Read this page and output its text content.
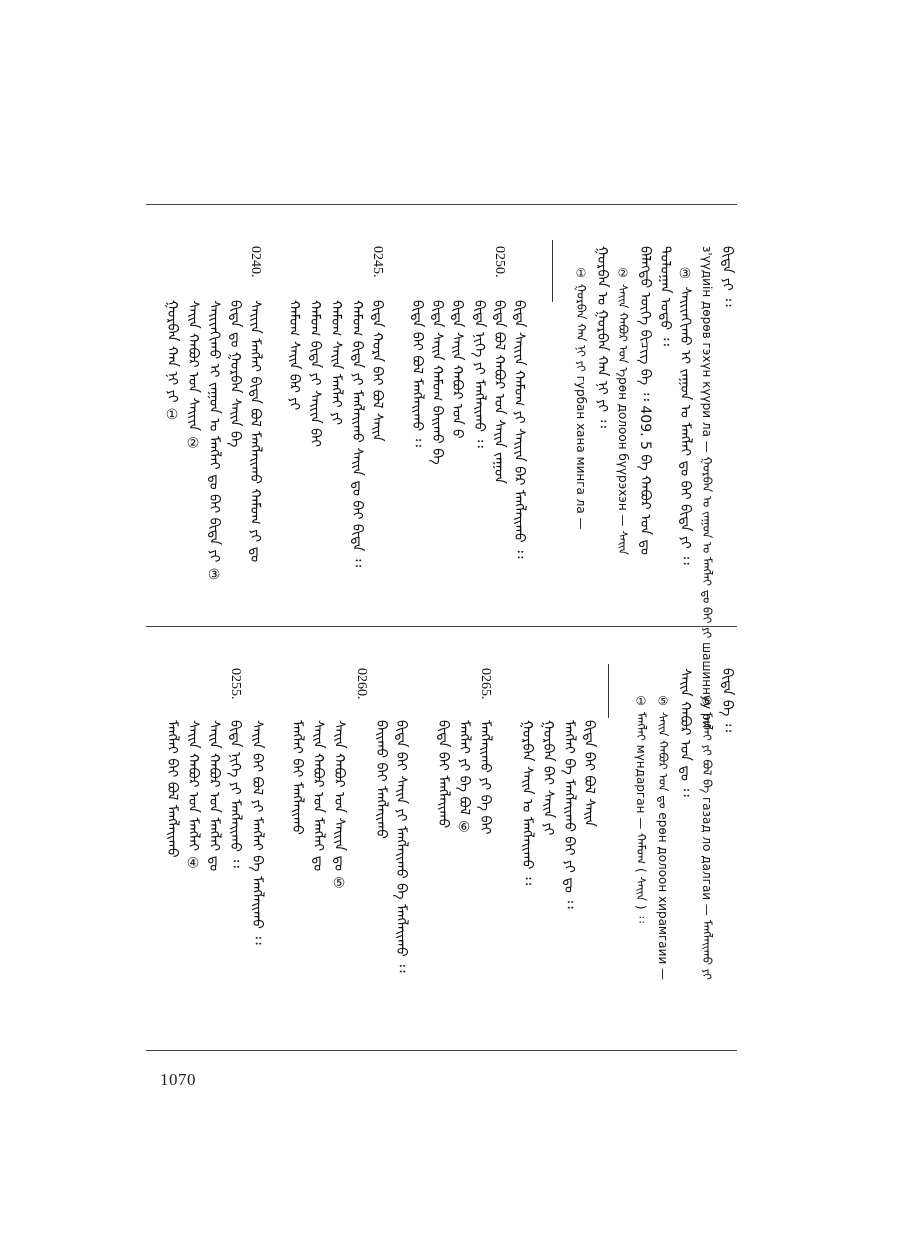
ᠪᠢᠳᠡ ᠶᠢ ᠄᠄
з'үүдиiн дөрөв гэхүн күүри ла — ᠭᠤᠷᠪᠠᠨ ᠤ ᠵᠠᠭᠤᠨ ᠤ ᠮᠠᠩᠯᠠᠢ ᠳᠤ ᠪᠠᠢ ᠶᠢ шашиннуу ри
③ ᠰᠠᠢᠢᠨᠬᠢᠬᠤ ᠢ ᠵᠠᠭᠤᠨ ᠤ ᠮᠠᠩᠯᠠᠢ ᠳᠤ ᠪᠠᠢ ᠪᠢᠳᠡ ᠶᠢ ᠄᠄
ᠳᠣᠯᠣᠭᠠᠨ ᠣᠳᠤ ᠄᠄
ᠪᠡᠯᠡᠭᠲᠦ ᠦᠭᠡ ᠪᠢᠴᠢᠭ ᠪᠡ ᠄᠄ 409. 5 ᠪᠡ ᠬᠠᠪᠤᠷ ᠤᠨ ᠳᠤ
② ᠰᠠᠢᠨ ᠬᠠᠪᠤᠷ ᠤᠨ ᠡрөн долоон бүүрэхэн — ᠰᠠᠢᠨ
ᠭᠤᠷᠪᠠᠨ ᠤ ᠭᠤᠷᠪᠠᠨ ᠬᠠᠨ ᠨᠢ ᠶᠢ ᠄᠄
① ᠭᠤᠷᠪᠠᠨ ᠬᠠᠨ ᠨᠢ ᠶᠢ гурбан хана минга ла —
0250.
ᠪᠢᠳᠡ ᠰᠠᠢᠢᠨ ᠬᠠᠮᠤᠭ ᠶᠢ ᠰᠠᠢᠢᠨ ᠪᠡᠷ ᠮᠠᠩᠯᠠᠢᠬᠤ ᠄᠄
ᠪᠢᠳᠡ ᠪᠣᠯ ᠬᠠᠪᠤᠷ ᠤᠨ ᠰᠠᠢᠨ ᠵᠠᠭᠤᠨ
ᠪᠢᠳᠡ ᠨᠢᠭᠡ ᠶᠢ ᠮᠠᠩᠯᠠᠢᠬᠤ ᠄᠄
ᠪᠢᠳᠡ ᠰᠠᠢᠨ ᠬᠠᠪᠤᠷ ᠤᠨ ᠪ
ᠪᠢᠳᠡ ᠰᠠᠢᠨ ᠬᠠᠮᠤᠭ ᠪᠠᠢᠬᠤ ᠪᠡ
ᠪᠢᠳᠡ ᠪᠠᠢ ᠪᠣᠯ ᠮᠠᠩᠯᠠᠢᠬᠤ ᠄᠄
0245.
ᠪᠢᠳᠡ ᠬᠤᠷᠠ ᠪᠠᠢ ᠪᠣᠯ ᠰᠠᠢᠨ
ᠬᠠᠮᠤᠭ ᠪᠢᠳᠡ ᠶᠢ ᠮᠠᠩᠯᠠᠢᠬᠤ ᠰᠠᠢᠨ ᠳᠤ ᠪᠠᠢ ᠪᠢᠳᠡ ᠄᠄
ᠬᠠᠮᠤᠭ ᠰᠠᠢᠨ ᠮᠠᠩᠯᠠᠢ ᠶᠢ
ᠬᠠᠮᠤᠭ ᠪᠢᠳᠡ ᠶᠢ ᠰᠠᠢᠢᠨ ᠪᠠᠢ
ᠬᠠᠮᠤᠭ ᠰᠠᠢᠨ ᠪᠡᠷ ᠶᠢ
0240.
ᠰᠠᠢᠢᠨ ᠮᠠᠩᠯᠠᠢ ᠪᠢᠳᠡ ᠪᠣᠯ ᠮᠠᠩᠯᠠᠢᠬᠤ ᠬᠠᠮᠤᠭ ᠶᠢ ᠳᠤ
ᠪᠢᠳᠡ ᠳᠤ ᠭᠤᠷᠪᠠᠨ ᠰᠠᠢᠨ ᠪᠡ
ᠰᠠᠢᠢᠨᠬᠢᠬᠤ ᠢ ᠵᠠᠭᠤᠨ ᠤ ᠮᠠᠩᠯᠠᠢ ᠳᠤ ᠪᠠᠢ ᠪᠢᠳᠡ ᠶᠢ ③
ᠰᠠᠢᠨ ᠬᠠᠪᠤᠷ ᠤᠨ ᠰᠠᠢᠢᠨ ②
ᠭᠤᠷᠪᠠᠨ ᠬᠠᠨ ᠨᠢ ᠶᠢ ①
ᠪᠢᠳᠡ ᠪᠡ ᠄᠄
⑥ ᠮᠠᠩᠯᠠᠢ ᠶᠢ ᠪᠣᠯ ᠪᠡ газад ло далгаи — ᠮᠠᠩᠯᠠᠢᠬᠤ ᠶᠢ
ᠰᠠᠢᠨ ᠬᠠᠪᠤᠷ ᠤᠨ ᠳᠤ ᠄᠄
⑤ ᠰᠠᠢᠨ ᠬᠠᠪᠤᠷ ᠤᠨ ᠳᠤ ерөн долоон хирамгаии —
① ᠮᠠᠩᠯᠠᠢ мүндарган — ᠬᠠᠮᠤᠭ ( ᠰᠠᠢᠨ ) ᠄᠄
0265.
ᠪᠢᠳᠡ ᠪᠠᠢ ᠪᠣᠯ ᠰᠠᠢᠨ
ᠮᠠᠩᠯᠠᠢ ᠪᠡ ᠮᠠᠩᠯᠠᠢᠬᠤ ᠪᠠᠢ ᠶᠢ ᠳᠤ ᠄᠄
ᠭᠤᠷᠪᠠᠨ ᠪᠠᠢ ᠰᠠᠢᠨ ᠶᠢ
ᠭᠤᠷᠪᠠᠨ ᠰᠠᠢᠨ ᠤ ᠮᠠᠩᠯᠠᠢᠬᠤ ᠄᠄
ᠮᠠᠩᠯᠠᠢᠬᠤ ᠶᠢ ᠪᠡ ᠪᠠᠢ
ᠮᠠᠩᠯᠠᠢ ᠶᠢ ᠪᠡ ᠪᠣᠯ ⑥
ᠪᠢᠳᠡ ᠪᠠᠢ ᠮᠠᠩᠯᠠᠢᠬᠤ
0260.
ᠪᠢᠳᠡ ᠪᠠᠢ ᠰᠠᠢᠨ ᠶᠢ ᠮᠠᠩᠯᠠᠢᠬᠤ ᠪᠡ ᠮᠠᠩᠯᠠᠢᠬᠤ ᠄᠄
ᠪᠠᠢᠬᠤ ᠪᠠᠢ ᠮᠠᠩᠯᠠᠢᠬᠤ
ᠰᠠᠢᠨ ᠬᠠᠪᠤᠷ ᠤᠨ ᠰᠠᠢᠢᠨ ᠳᠤ ⑤
ᠰᠠᠢᠨ ᠬᠠᠪᠤᠷ ᠤᠨ ᠮᠠᠩᠯᠠᠢ ᠳᠤ
ᠮᠠᠩᠯᠠᠢ ᠪᠠᠢ ᠮᠠᠩᠯᠠᠢᠬᠤ
0255.
ᠰᠠᠢᠨ ᠪᠠᠢ ᠪᠣᠯ ᠶᠢ ᠮᠠᠩᠯᠠᠢ ᠪᠡ ᠮᠠᠩᠯᠠᠢᠬᠤ ᠄᠄
ᠪᠢᠳᠡ ᠨᠢᠭᠡ ᠶᠢ ᠮᠠᠩᠯᠠᠢᠬᠤ ᠄᠄
ᠰᠠᠢᠨ ᠬᠠᠪᠤᠷ ᠤᠨ ᠮᠠᠩᠯᠠᠢ ᠳᠤ
ᠰᠠᠢᠨ ᠬᠠᠪᠤᠷ ᠤᠨ ᠮᠠᠩᠯᠠᠢ ④
ᠮᠠᠩᠯᠠᠢ ᠪᠠᠢ ᠪᠣᠯ ᠮᠠᠩᠯᠠᠢᠬᠤ
1070
